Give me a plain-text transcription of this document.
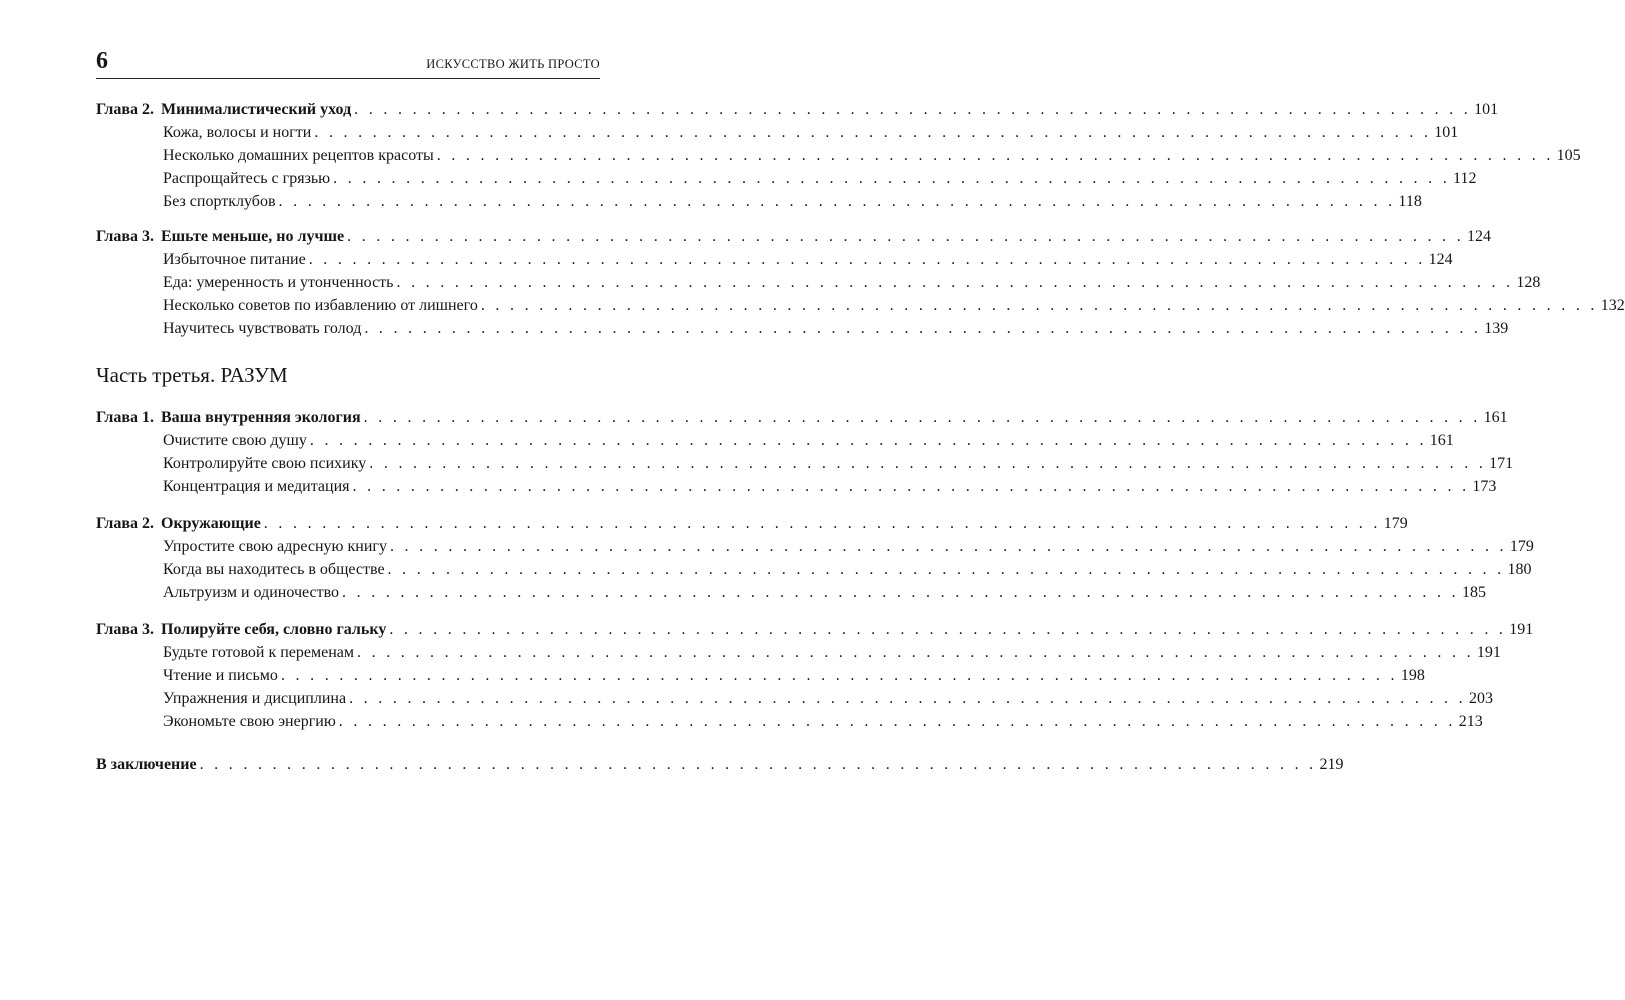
6	ИСКУССТВО ЖИТЬ ПРОСТО
Глава 2. Минималистический уход . . . . . . . . . . . . . . . . . . . . . . . . . . . . . . . . . . . . . . . . . . . . . . . . . . . . . . . . . . . . . . . . . . . . . . . . . . . . . 101
Кожа, волосы и ногти . . . . . . . . . . . . . . . . . . . . . . . . . . . . . . . . . . . . . . . . . . . . . . . . . . . . . . . . . . . . . . . . . . . . . . . . . . . . . 101
Несколько домашних рецептов красоты . . . . . . . . . . . . . . . . . . . . . . . . . . . . . . . . . . . . . . . . . . . . . . . . . . . . . . . . . . . . . . . . . . . . . . . . . . . . . 105
Распрощайтесь с грязью . . . . . . . . . . . . . . . . . . . . . . . . . . . . . . . . . . . . . . . . . . . . . . . . . . . . . . . . . . . . . . . . . . . . . . . . . . . . . 112
Без спортклубов . . . . . . . . . . . . . . . . . . . . . . . . . . . . . . . . . . . . . . . . . . . . . . . . . . . . . . . . . . . . . . . . . . . . . . . . . . . . . 118
Глава 3. Ешьте меньше, но лучше . . . . . . . . . . . . . . . . . . . . . . . . . . . . . . . . . . . . . . . . . . . . . . . . . . . . . . . . . . . . . . . . . . . . . . . . . . . . . 124
Избыточное питание . . . . . . . . . . . . . . . . . . . . . . . . . . . . . . . . . . . . . . . . . . . . . . . . . . . . . . . . . . . . . . . . . . . . . . . . . . . . . 124
Еда: умеренность и утонченность . . . . . . . . . . . . . . . . . . . . . . . . . . . . . . . . . . . . . . . . . . . . . . . . . . . . . . . . . . . . . . . . . . . . . . . . . . . . . 128
Несколько советов по избавлению от лишнего . . . . . . . . . . . . . . . . . . . . . . . . . . . . . . . . . . . . . . . . . . . . . . . . . . . . . . . . . . . . . . . . . . . . . . . . . . . . . 132
Научитесь чувствовать голод . . . . . . . . . . . . . . . . . . . . . . . . . . . . . . . . . . . . . . . . . . . . . . . . . . . . . . . . . . . . . . . . . . . . . . . . . . . . . 139
Часть третья. РАЗУМ
Глава 1. Ваша внутренняя экология . . . . . . . . . . . . . . . . . . . . . . . . . . . . . . . . . . . . . . . . . . . . . . . . . . . . . . . . . . . . . . . . . . . . . . . . . . . . . 161
Очистите свою душу . . . . . . . . . . . . . . . . . . . . . . . . . . . . . . . . . . . . . . . . . . . . . . . . . . . . . . . . . . . . . . . . . . . . . . . . . . . . . 161
Контролируйте свою психику . . . . . . . . . . . . . . . . . . . . . . . . . . . . . . . . . . . . . . . . . . . . . . . . . . . . . . . . . . . . . . . . . . . . . . . . . . . . . 171
Концентрация и медитация . . . . . . . . . . . . . . . . . . . . . . . . . . . . . . . . . . . . . . . . . . . . . . . . . . . . . . . . . . . . . . . . . . . . . . . . . . . . . 173
Глава 2. Окружающие . . . . . . . . . . . . . . . . . . . . . . . . . . . . . . . . . . . . . . . . . . . . . . . . . . . . . . . . . . . . . . . . . . . . . . . . . . . . . 179
Упростите свою адресную книгу . . . . . . . . . . . . . . . . . . . . . . . . . . . . . . . . . . . . . . . . . . . . . . . . . . . . . . . . . . . . . . . . . . . . . . . . . . . . . 179
Когда вы находитесь в обществе . . . . . . . . . . . . . . . . . . . . . . . . . . . . . . . . . . . . . . . . . . . . . . . . . . . . . . . . . . . . . . . . . . . . . . . . . . . . . 180
Альтруизм и одиночество . . . . . . . . . . . . . . . . . . . . . . . . . . . . . . . . . . . . . . . . . . . . . . . . . . . . . . . . . . . . . . . . . . . . . . . . . . . . . 185
Глава 3. Полируйте себя, словно гальку . . . . . . . . . . . . . . . . . . . . . . . . . . . . . . . . . . . . . . . . . . . . . . . . . . . . . . . . . . . . . . . . . . . . . . . . . . . . . 191
Будьте готовой к переменам . . . . . . . . . . . . . . . . . . . . . . . . . . . . . . . . . . . . . . . . . . . . . . . . . . . . . . . . . . . . . . . . . . . . . . . . . . . . . 191
Чтение и письмо . . . . . . . . . . . . . . . . . . . . . . . . . . . . . . . . . . . . . . . . . . . . . . . . . . . . . . . . . . . . . . . . . . . . . . . . . . . . . 198
Упражнения и дисциплина . . . . . . . . . . . . . . . . . . . . . . . . . . . . . . . . . . . . . . . . . . . . . . . . . . . . . . . . . . . . . . . . . . . . . . . . . . . . . 203
Экономьте свою энергию . . . . . . . . . . . . . . . . . . . . . . . . . . . . . . . . . . . . . . . . . . . . . . . . . . . . . . . . . . . . . . . . . . . . . . . . . . . . . 213
В заключение . . . . . . . . . . . . . . . . . . . . . . . . . . . . . . . . . . . . . . . . . . . . . . . . . . . . . . . . . . . . . . . . . . . . . . . . . . . . . 219
